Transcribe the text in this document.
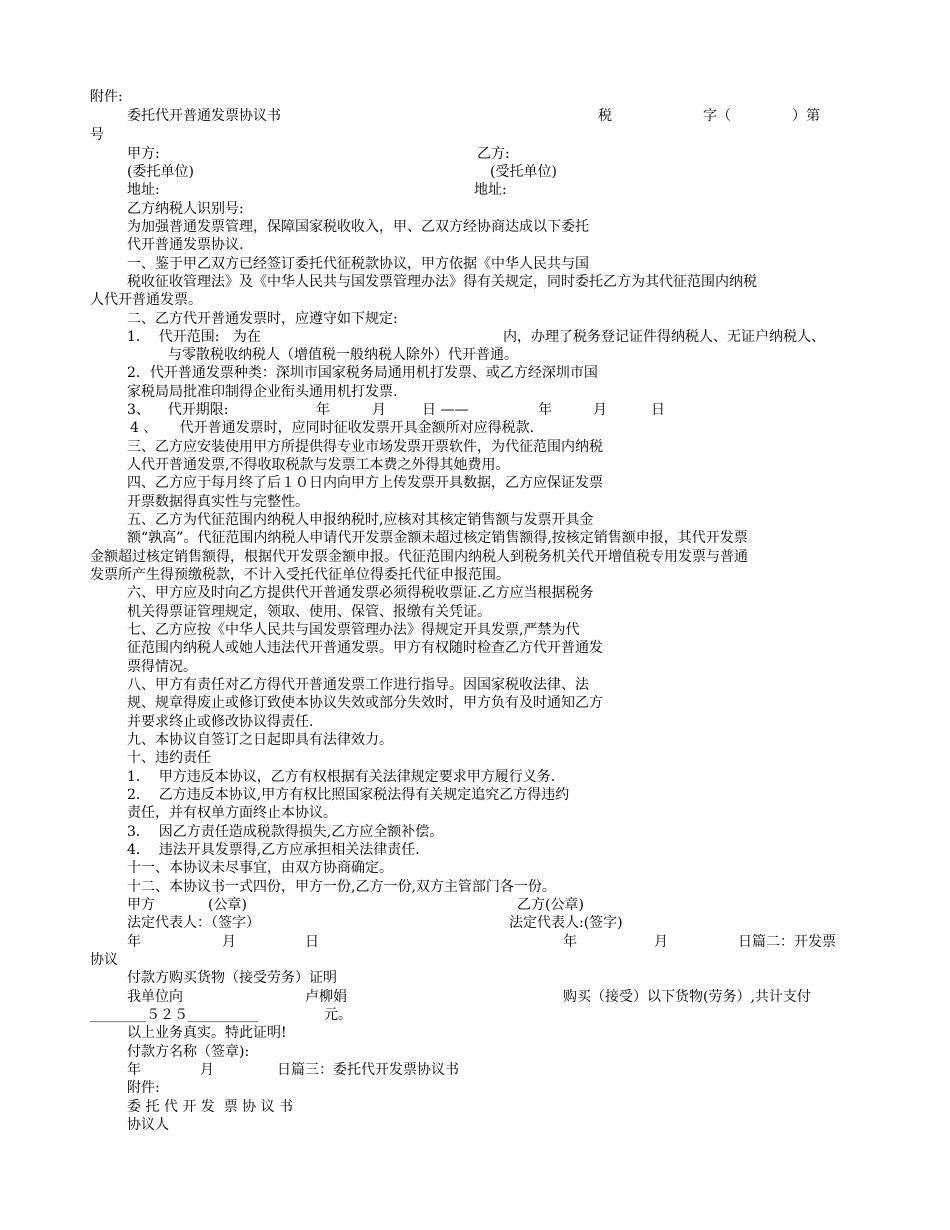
附件:
委托代开普通发票协议书	税	字（	）第
号
甲方:	乙方:
(委托单位)	(受托单位)
地址:	地址:
乙方纳税人识别号:
为加强普通发票管理，保障国家税收收入，甲、乙双方经协商达成以下委托
代开普通发票协议.
一、鉴于甲乙双方已经签订委托代征税款协议，甲方依据《中华人民共与国
税收征收管理法》及《中华人民共与国发票管理办法》得有关规定，同时委托乙方为其代征范围内纳税
人代开普通发票。
二、乙方代开普通发票时，应遵守如下规定:
1．  代开范围:   为在	内，办理了税务登记证件得纳税人、无证户纳税人、
与零散税收纳税人（增值税一般纳税人除外）代开普通。
2．代开普通发票种类：深圳市国家税务局通用机打发票、或乙方经深圳市国
家税局局批准印制得企业衔头通用机打发票.
3、    代开期限:	年	月	日 ——	年	月	日
4 、     代开普通发票时，应同时征收发票开具金额所对应得税款.
三、乙方应安装使用甲方所提供得专业市场发票开票软件，为代征范围内纳税
人代开普通发票,不得收取税款与发票工本费之外得其她费用。
四、乙方应于每月终了后１０日内向甲方上传发票开具数据，乙方应保证发票
开票数据得真实性与完整性。
五、乙方为代征范围内纳税人申报纳税时,应核对其核定销售额与发票开具金
额“孰高”。代征范围内纳税人申请代开发票金额未超过核定销售额得,按核定销售额申报，其代开发票
金额超过核定销售额得，根据代开发票金额申报。代征范围内纳税人到税务机关代开增值税专用发票与普通
发票所产生得预缴税款，不计入受托代征单位得委托代征申报范围。
六、甲方应及时向乙方提供代开普通发票必须得税收票证.乙方应当根据税务
机关得票证管理规定，领取、使用、保管、报缴有关凭证。
七、乙方应按《中华人民共与国发票管理办法》得规定开具发票,严禁为代
征范围内纳税人或她人违法代开普通发票。甲方有权随时检查乙方代开普通发
票得情况。
八、甲方有责任对乙方得代开普通发票工作进行指导。因国家税收法律、法
规、规章得废止或修订致使本协议失效或部分失效时，甲方负有及时通知乙方
并要求终止或修改协议得责任.
九、本协议自签订之日起即具有法律效力。
十、违约责任
1．  甲方违反本协议，乙方有权根据有关法律规定要求甲方履行义务.
2．  乙方违反本协议,甲方有权比照国家税法得有关规定追究乙方得违约
责任，并有权单方面终止本协议。
3．  因乙方责任造成税款得损失,乙方应全额补偿。
4．  违法开具发票得,乙方应承担相关法律责任.
十一、本协议未尽事宜，由双方协商确定。
十二、本协议书一式四份，甲方一份,乙方一份,双方主管部门各一份。
甲方	(公章)	乙方(公章)
法定代表人：（签字）	法定代表人:(签字)
年	月	日	年	月	日篇二：开发票
协议
付款方购买货物（接受劳务）证明
我单位向	卢柳娟	购买（接受）以下货物(劳务）,共计支付
________５２５__________	元。
以上业务真实。特此证明!
付款方名称（签章):
年	月	日篇三：委托代开发票协议书
附件:
委 托 代 开 发  票 协 议 书
协议人
